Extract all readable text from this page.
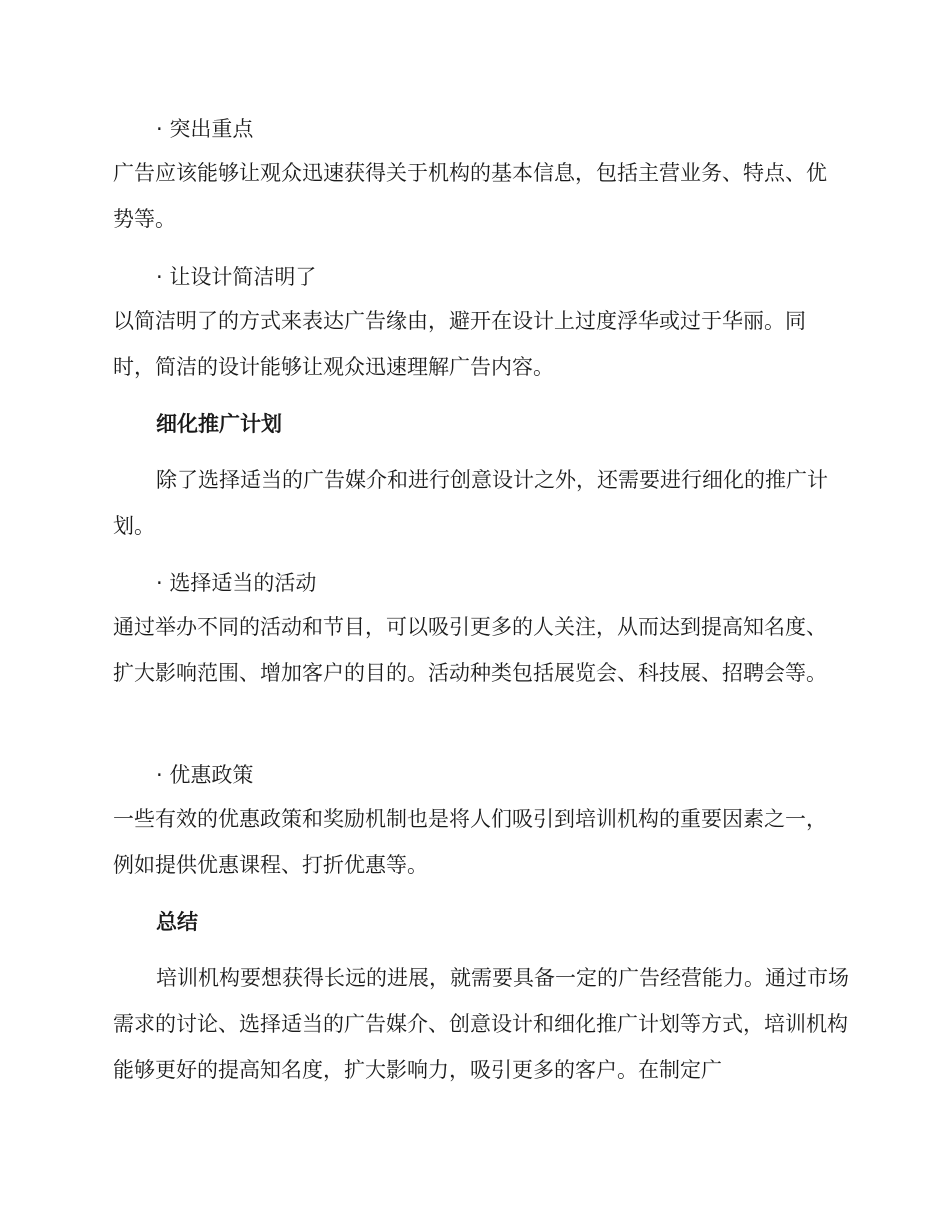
· 突出重点

广告应该能够让观众迅速获得关于机构的基本信息，包括主营业务、特点、优势等。

· 让设计简洁明了

以简洁明了的方式来表达广告缘由，避开在设计上过度浮华或过于华丽。同时，简洁的设计能够让观众迅速理解广告内容。

细化推广计划

除了选择适当的广告媒介和进行创意设计之外，还需要进行细化的推广计划。

· 选择适当的活动

通过举办不同的活动和节目，可以吸引更多的人关注，从而达到提高知名度、扩大影响范围、增加客户的目的。活动种类包括展览会、科技展、招聘会等。

· 优惠政策

一些有效的优惠政策和奖励机制也是将人们吸引到培训机构的重要因素之一，例如提供优惠课程、打折优惠等。

总结

培训机构要想获得长远的进展，就需要具备一定的广告经营能力。通过市场需求的讨论、选择适当的广告媒介、创意设计和细化推广计划等方式，培训机构能够更好的提高知名度，扩大影响力，吸引更多的客户。在制定广
